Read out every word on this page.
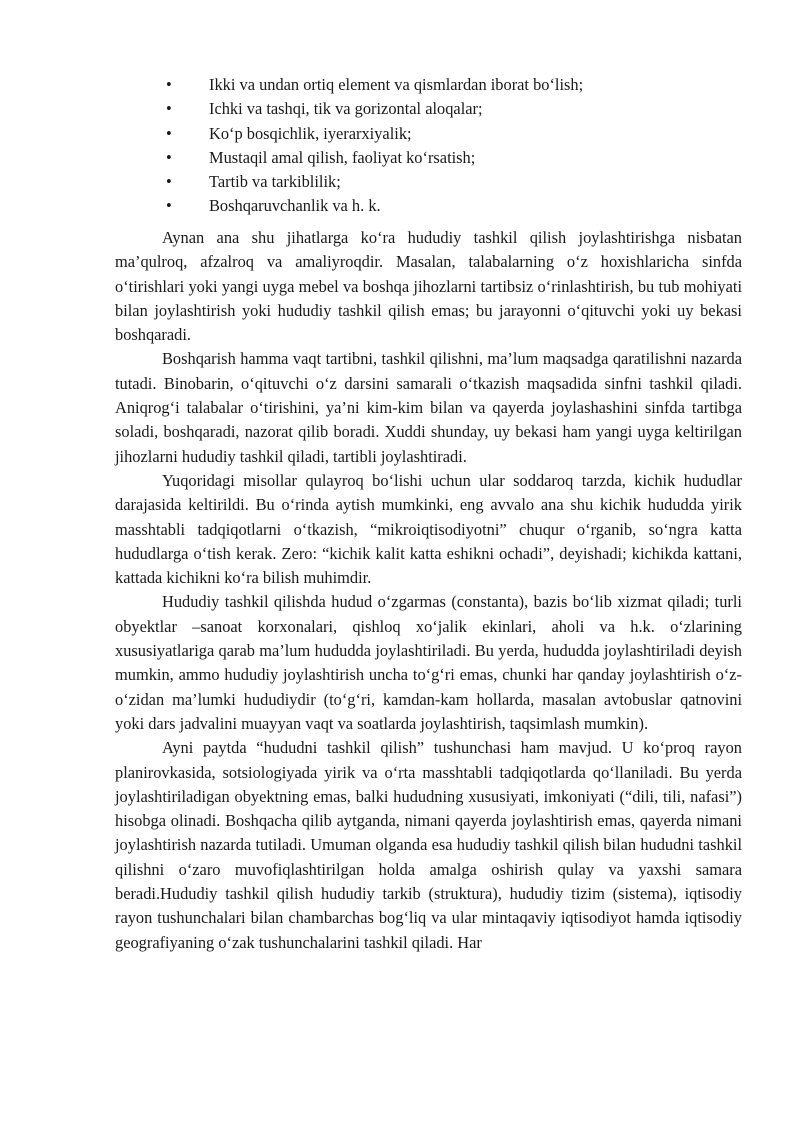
• Ikki va undan ortiq element va qismlardan iborat bo‘lish;
• Ichki va tashqi, tik va gorizontal aloqalar;
• Ko‘p bosqichlik, iyerarxiyalik;
• Mustaqil amal qilish, faoliyat ko‘rsatish;
• Tartib va tarkiblilik;
• Boshqaruvchanlik va h. k.

Aynan ana shu jihatlarga ko‘ra hududiy tashkil qilish joylashtirishga nisbatan ma’qulroq, afzalroq va amaliyroqdir. Masalan, talabalarning o‘z hoxishlaricha sinfda o‘tirishlari yoki yangi uyga mebel va boshqa jihozlarni tartibsiz o‘rinlashtirish, bu tub mohiyati bilan joylashtirish yoki hududiy tashkil qilish emas; bu jarayonni o‘qituvchi yoki uy bekasi boshqaradi.

Boshqarish hamma vaqt tartibni, tashkil qilishni, ma’lum maqsadga qaratilishni nazarda tutadi. Binobarin, o‘qituvchi o‘z darsini samarali o‘tkazish maqsadida sinfni tashkil qiladi. Aniqrog‘i talabalar o‘tirishini, ya’ni kim-kim bilan va qayerda joylashashini sinfda tartibga soladi, boshqaradi, nazorat qilib boradi. Xuddi shunday, uy bekasi ham yangi uyga keltirilgan jihozlarni hududiy tashkil qiladi, tartibli joylashtiradi.

Yuqoridagi misollar qulayroq bo‘lishi uchun ular soddaroq tarzda, kichik hududlar darajasida keltirildi. Bu o‘rinda aytish mumkinki, eng avvalo ana shu kichik hududda yirik masshtabli tadqiqotlarni o‘tkazish, “mikroiqtisodiyotni” chuqur o‘rganib, so‘ngra katta hududlarga o‘tish kerak. Zero: “kichik kalit katta eshikni ochadi”, deyishadi; kichikda kattani, kattada kichikni ko‘ra bilish muhimdir.

Hududiy tashkil qilishda hudud o‘zgarmas (constanta), bazis bo‘lib xizmat qiladi; turli obyektlar –sanoat korxonalari, qishloq xo‘jalik ekinlari, aholi va h.k. o‘zlarining xususiyatlariga qarab ma’lum hududda joylashtiriladi. Bu yerda, hududda joylashtiriladi deyish mumkin, ammo hududiy joylashtirish uncha to‘g‘ri emas, chunki har qanday joylashtirish o‘z-o‘zidan ma’lumki hududiydir (to‘g‘ri, kamdan-kam hollarda, masalan avtobuslar qatnovini yoki dars jadvalini muayyan vaqt va soatlarda joylashtirish, taqsimlash mumkin).

Ayni paytda “hududni tashkil qilish” tushunchasi ham mavjud. U ko‘proq rayon planirovkasida, sotsiologiyada yirik va o‘rta masshtabli tadqiqotlarda qo‘llaniladi. Bu yerda joylashtiriladigan obyektning emas, balki hududning xususiyati, imkoniyati (“dili, tili, nafasi”) hisobga olinadi. Boshqacha qilib aytganda, nimani qayerda joylashtirish emas, qayerda nimani joylashtirish nazarda tutiladi. Umuman olganda esa hududiy tashkil qilish bilan hududni tashkil qilishni o‘zaro muvofiqlashtirilgan holda amalga oshirish qulay va yaxshi samara beradi.Hududiy tashkil qilish hududiy tarkib (struktura), hududiy tizim (sistema), iqtisodiy rayon tushunchalari bilan chambarchas bog‘liq va ular mintaqaviy iqtisodiyot hamda iqtisodiy geografiyaning o‘zak tushunchalarini tashkil qiladi. Har
